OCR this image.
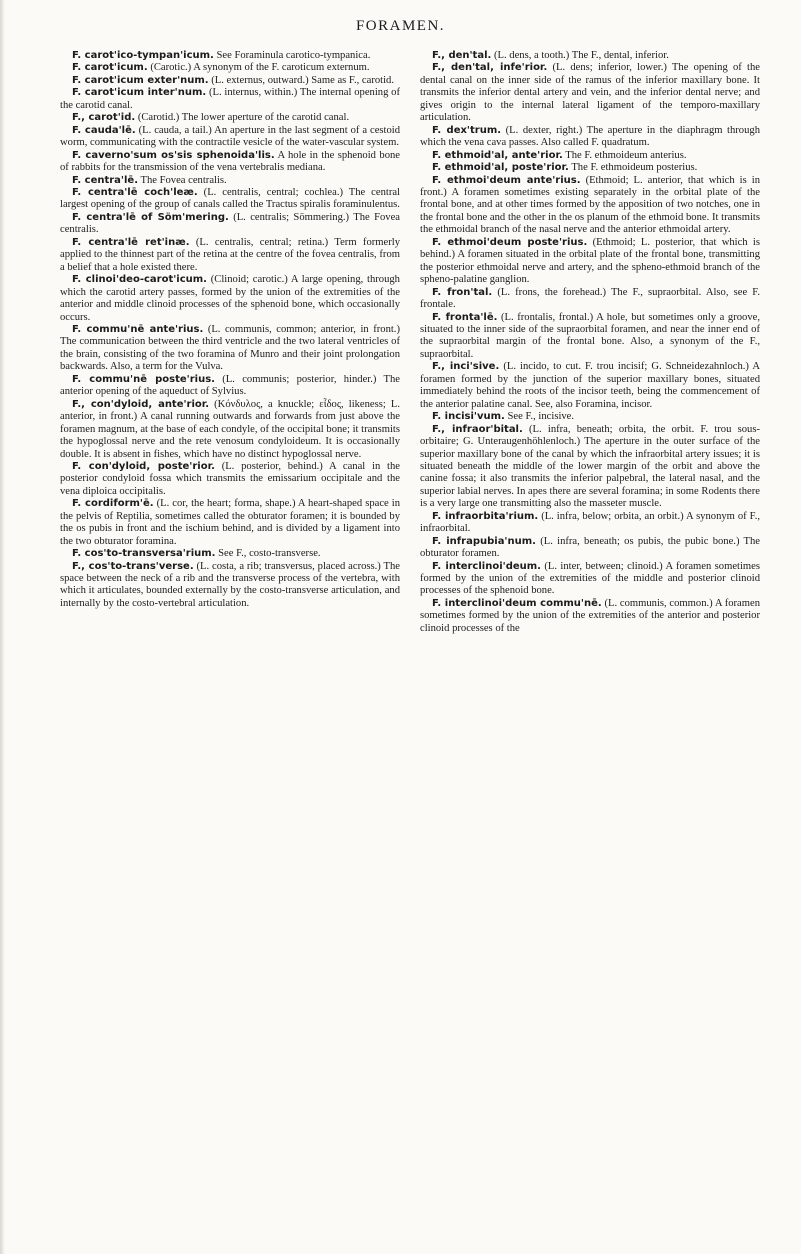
FORAMEN.

F. carot'ico-tympan'icum. See Foraminula carotico-tympanica.

F. carot'icum. (Carotic.) A synonym of the F. caroticum externum.

F. carot'icum exter'num. (L. externus, outward.) Same as F., carotid.

F. carot'icum inter'num. (L. internus, within.) The internal opening of the carotid canal.

F., carot'id. (Carotid.) The lower aperture of the carotid canal.

F. cauda'lē. (L. cauda, a tail.) An aperture in the last segment of a cestoid worm, communicating with the contractile vesicle of the water-vascular system.

F. caverno'sum os'sis sphenoida'lis. A hole in the sphenoid bone of rabbits for the transmission of the vena vertebralis mediana.

F. centra'lē. The Fovea centralis.

F. centra'lē coch'leæ. (L. centralis, central; cochlea.) The central largest opening of the group of canals called the Tractus spiralis foraminulentus.

F. centra'lē of Söm'mering. (L. centralis; Sömmering.) The Fovea centralis.

F. centra'lē ret'inæ. (L. centralis, central; retina.) Term formerly applied to the thinnest part of the retina at the centre of the fovea centralis, from a belief that a hole existed there.

F. clinoi'deo-carot'icum. (Clinoid; carotic.) A large opening, through which the carotid artery passes, formed by the union of the extremities of the anterior and middle clinoid processes of the sphenoid bone, which occasionally occurs.

F. commu'nē ante'rius. (L. communis, common; anterior, in front.) The communication between the third ventricle and the two lateral ventricles of the brain, consisting of the two foramina of Munro and their joint prolongation backwards. Also, a term for the Vulva.

F. commu'nē poste'rius. (L. communis; posterior, hinder.) The anterior opening of the aqueduct of Sylvius.

F., con'dyloid, ante'rior. (Κόνδυλος, a knuckle; εἶδος, likeness; L. anterior, in front.) A canal running outwards and forwards from just above the foramen magnum, at the base of each condyle, of the occipital bone; it transmits the hypoglossal nerve and the rete venosum condyloideum. It is occasionally double. It is absent in fishes, which have no distinct hypoglossal nerve.

F. con'dyloid, poste'rior. (L. posterior, behind.) A canal in the posterior condyloid fossa which transmits the emissarium occipitale and the vena diploica occipitalis.

F. cordiform'ē. (L. cor, the heart; forma, shape.) A heart-shaped space in the pelvis of Reptilia, sometimes called the obturator foramen; it is bounded by the os pubis in front and the ischium behind, and is divided by a ligament into the two obturator foramina.

F. cos'to-transversa'rium. See F., costo-transverse.

F., cos'to-trans'verse. (L. costa, a rib; transversus, placed across.) The space between the neck of a rib and the transverse process of the vertebra, with which it articulates, bounded externally by the costo-transverse articulation, and internally by the costo-vertebral articulation.

F., den'tal. (L. dens, a tooth.) The F., dental, inferior.

F., den'tal, infe'rior. (L. dens; inferior, lower.) The opening of the dental canal on the inner side of the ramus of the inferior maxillary bone. It transmits the inferior dental artery and vein, and the inferior dental nerve; and gives origin to the internal lateral ligament of the temporo-maxillary articulation.

F. dex'trum. (L. dexter, right.) The aperture in the diaphragm through which the vena cava passes. Also called F. quadratum.

F. ethmoid'al, ante'rior. The F. ethmoideum anterius.

F. ethmoid'al, poste'rior. The F. ethmoideum posterius.

F. ethmoi'deum ante'rius. (Ethmoid; L. anterior, that which is in front.) A foramen sometimes existing separately in the orbital plate of the frontal bone, and at other times formed by the apposition of two notches, one in the frontal bone and the other in the os planum of the ethmoid bone. It transmits the ethmoidal branch of the nasal nerve and the anterior ethmoidal artery.

F. ethmoi'deum poste'rius. (Ethmoid; L. posterior, that which is behind.) A foramen situated in the orbital plate of the frontal bone, transmitting the posterior ethmoidal nerve and artery, and the spheno-ethmoid branch of the spheno-palatine ganglion.

F. fron'tal. (L. frons, the forehead.) The F., supraorbital. Also, see F. frontale.

F. fronta'lē. (L. frontalis, frontal.) A hole, but sometimes only a groove, situated to the inner side of the supraorbital foramen, and near the inner end of the supraorbital margin of the frontal bone. Also, a synonym of the F., supraorbital.

F., inci'sive. (L. incido, to cut. F. trou incisif; G. Schneidezahnloch.) A foramen formed by the junction of the superior maxillary bones, situated immediately behind the roots of the incisor teeth, being the commencement of the anterior palatine canal. See, also Foramina, incisor.

F. incisi'vum. See F., incisive.

F., infraor'bital. (L. infra, beneath; orbita, the orbit. F. trou sous-orbitaire; G. Unteraugenhöhlenloch.) The aperture in the outer surface of the superior maxillary bone of the canal by which the infraorbital artery issues; it is situated beneath the middle of the lower margin of the orbit and above the canine fossa; it also transmits the inferior palpebral, the lateral nasal, and the superior labial nerves. In apes there are several foramina; in some Rodents there is a very large one transmitting also the masseter muscle.

F. infraorbita'rium. (L. infra, below; orbita, an orbit.) A synonym of F., infraorbital.

F. infrapubia'num. (L. infra, beneath; os pubis, the pubic bone.) The obturator foramen.

F. interclinoi'deum. (L. inter, between; clinoid.) A foramen sometimes formed by the union of the extremities of the middle and posterior clinoid processes of the sphenoid bone.

F. interclinoi'deum commu'nē. (L. communis, common.) A foramen sometimes formed by the union of the extremities of the anterior and posterior clinoid processes of the
